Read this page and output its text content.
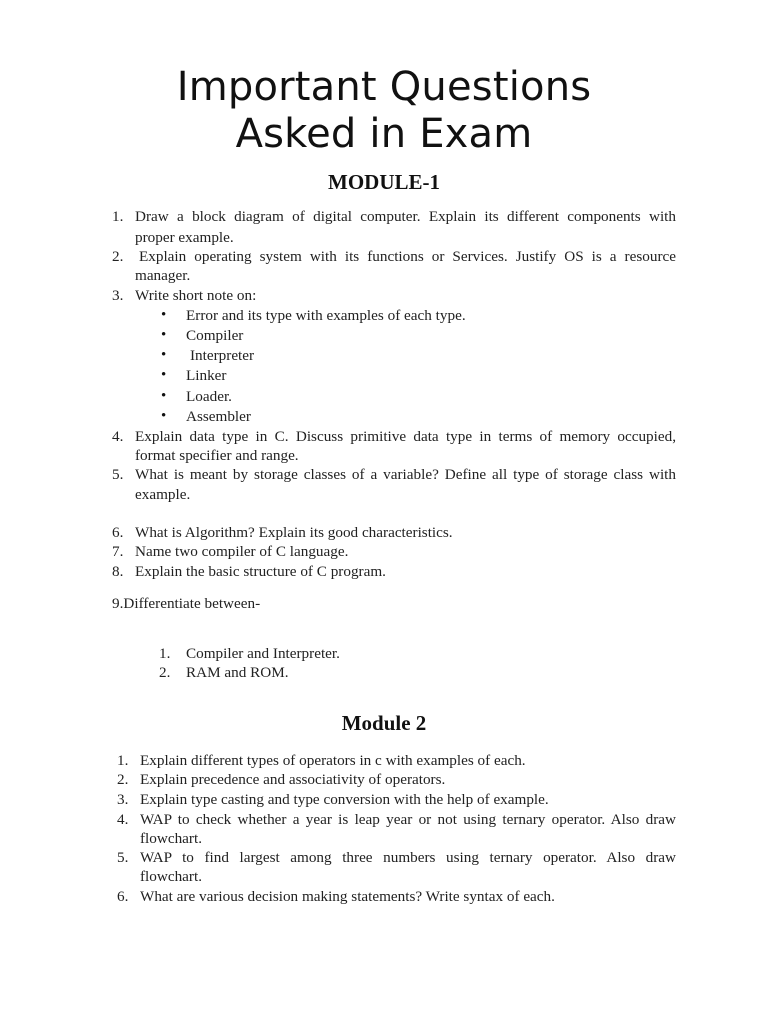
Important Questions
Asked in Exam
MODULE-1
1. Draw a block diagram of digital computer. Explain its different components with
proper example.
2. Explain operating system with its functions or Services. Justify OS is a resource
manager.
3. Write short note on:
• Error and its type with examples of each type.
• Compiler
• Interpreter
• Linker
• Loader.
• Assembler
4. Explain data type in C. Discuss primitive data type in terms of memory occupied,
format specifier and range.
5. What is meant by storage classes of a variable? Define all type of storage class with
example.
6. What is Algorithm? Explain its good characteristics.
7. Name two compiler of C language.
8. Explain the basic structure of C program.
9.Differentiate between-
1. Compiler and Interpreter.
2. RAM and ROM.
Module 2
1. Explain different types of operators in c with examples of each.
2. Explain precedence and associativity of operators.
3. Explain type casting and type conversion with the help of example.
4. WAP to check whether a year is leap year or not using ternary operator. Also draw
flowchart.
5. WAP to find largest among three numbers using ternary operator. Also draw
flowchart.
6. What are various decision making statements? Write syntax of each.
